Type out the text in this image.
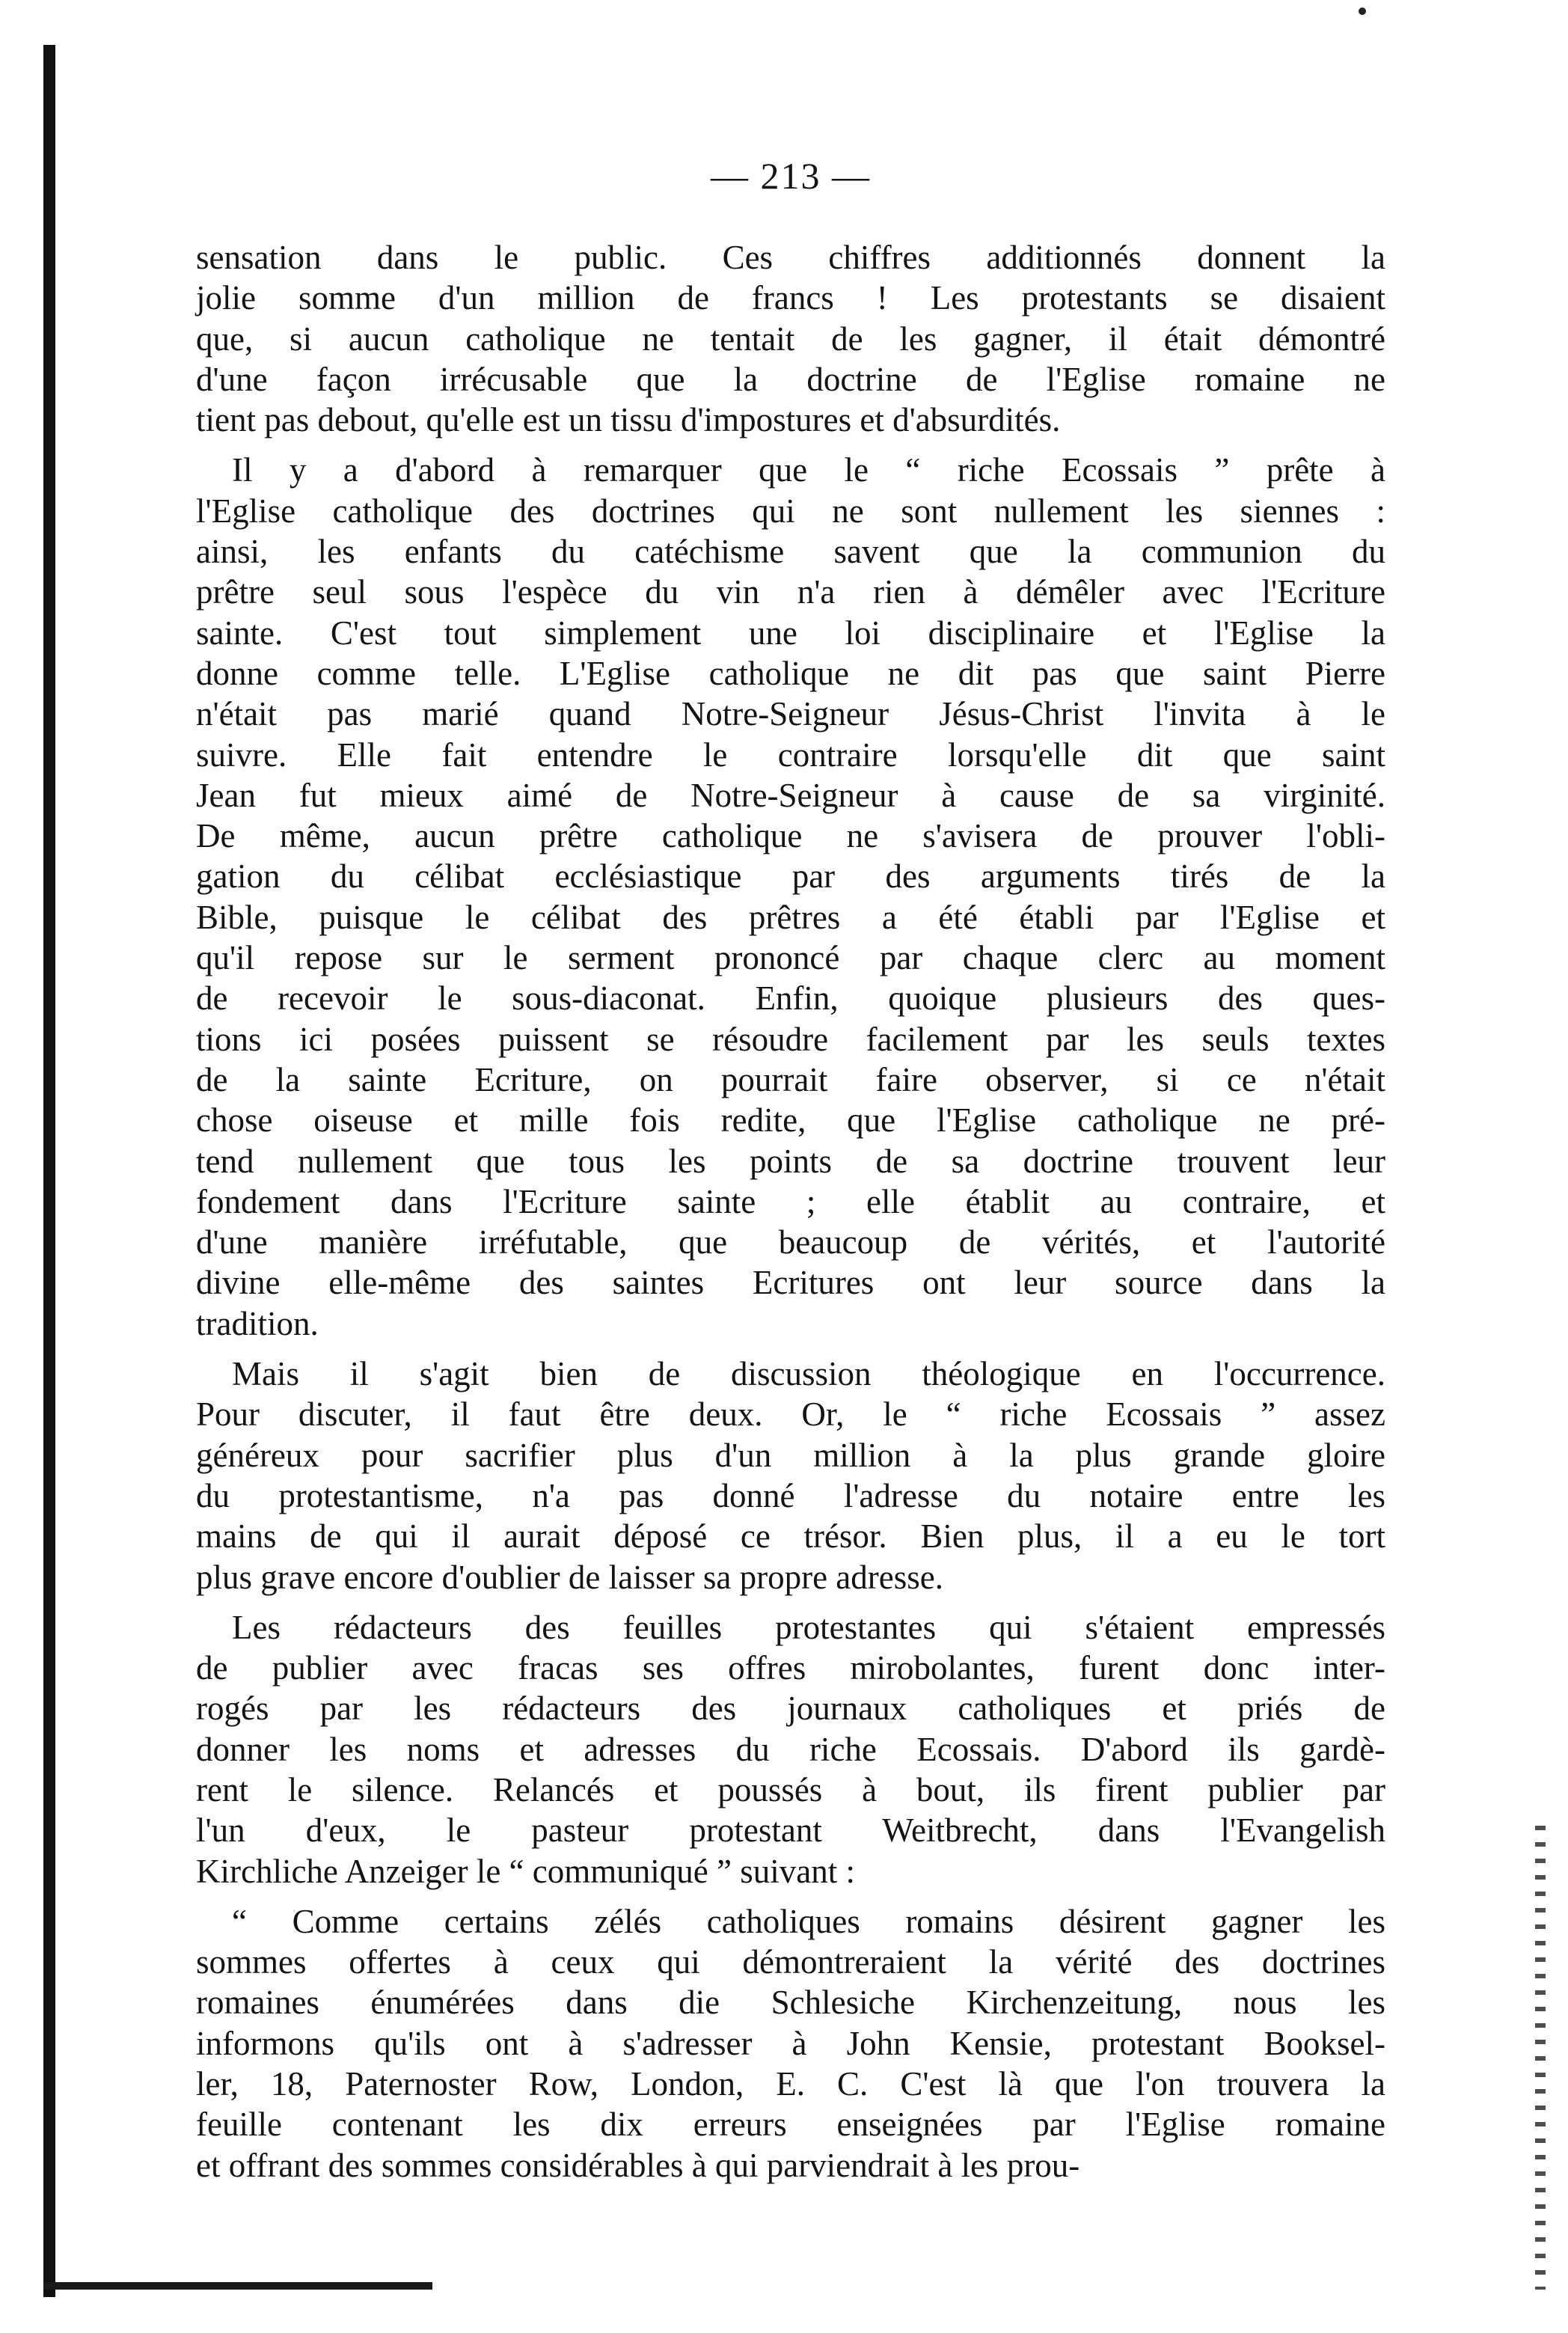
— 213 —
sensation dans le public. Ces chiffres additionnés donnent la
jolie somme d'un million de francs ! Les protestants se disaient
que, si aucun catholique ne tentait de les gagner, il était démontré
d'une façon irrécusable que la doctrine de l'Eglise romaine ne
tient pas debout, qu'elle est un tissu d'impostures et d'absurdités.
Il y a d'abord à remarquer que le “ riche Ecossais ” prête à
l'Eglise catholique des doctrines qui ne sont nullement les siennes :
ainsi, les enfants du catéchisme savent que la communion du
prêtre seul sous l'espèce du vin n'a rien à démêler avec l'Ecriture
sainte. C'est tout simplement une loi disciplinaire et l'Eglise la
donne comme telle. L'Eglise catholique ne dit pas que saint Pierre
n'était pas marié quand Notre-Seigneur Jésus-Christ l'invita à le
suivre. Elle fait entendre le contraire lorsqu'elle dit que saint
Jean fut mieux aimé de Notre-Seigneur à cause de sa virginité.
De même, aucun prêtre catholique ne s'avisera de prouver l'obli-
gation du célibat ecclésiastique par des arguments tirés de la
Bible, puisque le célibat des prêtres a été établi par l'Eglise et
qu'il repose sur le serment prononcé par chaque clerc au moment
de recevoir le sous-diaconat. Enfin, quoique plusieurs des ques-
tions ici posées puissent se résoudre facilement par les seuls textes
de la sainte Ecriture, on pourrait faire observer, si ce n'était
chose oiseuse et mille fois redite, que l'Eglise catholique ne pré-
tend nullement que tous les points de sa doctrine trouvent leur
fondement dans l'Ecriture sainte ; elle établit au contraire, et
d'une manière irréfutable, que beaucoup de vérités, et l'autorité
divine elle-même des saintes Ecritures ont leur source dans la
tradition.
Mais il s'agit bien de discussion théologique en l'occurrence.
Pour discuter, il faut être deux. Or, le “ riche Ecossais ” assez
généreux pour sacrifier plus d'un million à la plus grande gloire
du protestantisme, n'a pas donné l'adresse du notaire entre les
mains de qui il aurait déposé ce trésor. Bien plus, il a eu le tort
plus grave encore d'oublier de laisser sa propre adresse.
Les rédacteurs des feuilles protestantes qui s'étaient empressés
de publier avec fracas ses offres mirobolantes, furent donc inter-
rogés par les rédacteurs des journaux catholiques et priés de
donner les noms et adresses du riche Ecossais. D'abord ils gardè-
rent le silence. Relancés et poussés à bout, ils firent publier par
l'un d'eux, le pasteur protestant Weitbrecht, dans l'Evangelish
Kirchliche Anzeiger le “ communiqué ” suivant :
“ Comme certains zélés catholiques romains désirent gagner les
sommes offertes à ceux qui démontreraient la vérité des doctrines
romaines énumérées dans die Schlesiche Kirchenzeitung, nous les
informons qu'ils ont à s'adresser à John Kensie, protestant Booksel-
ler, 18, Paternoster Row, London, E. C. C'est là que l'on trouvera la
feuille contenant les dix erreurs enseignées par l'Eglise romaine
et offrant des sommes considérables à qui parviendrait à les prou-
